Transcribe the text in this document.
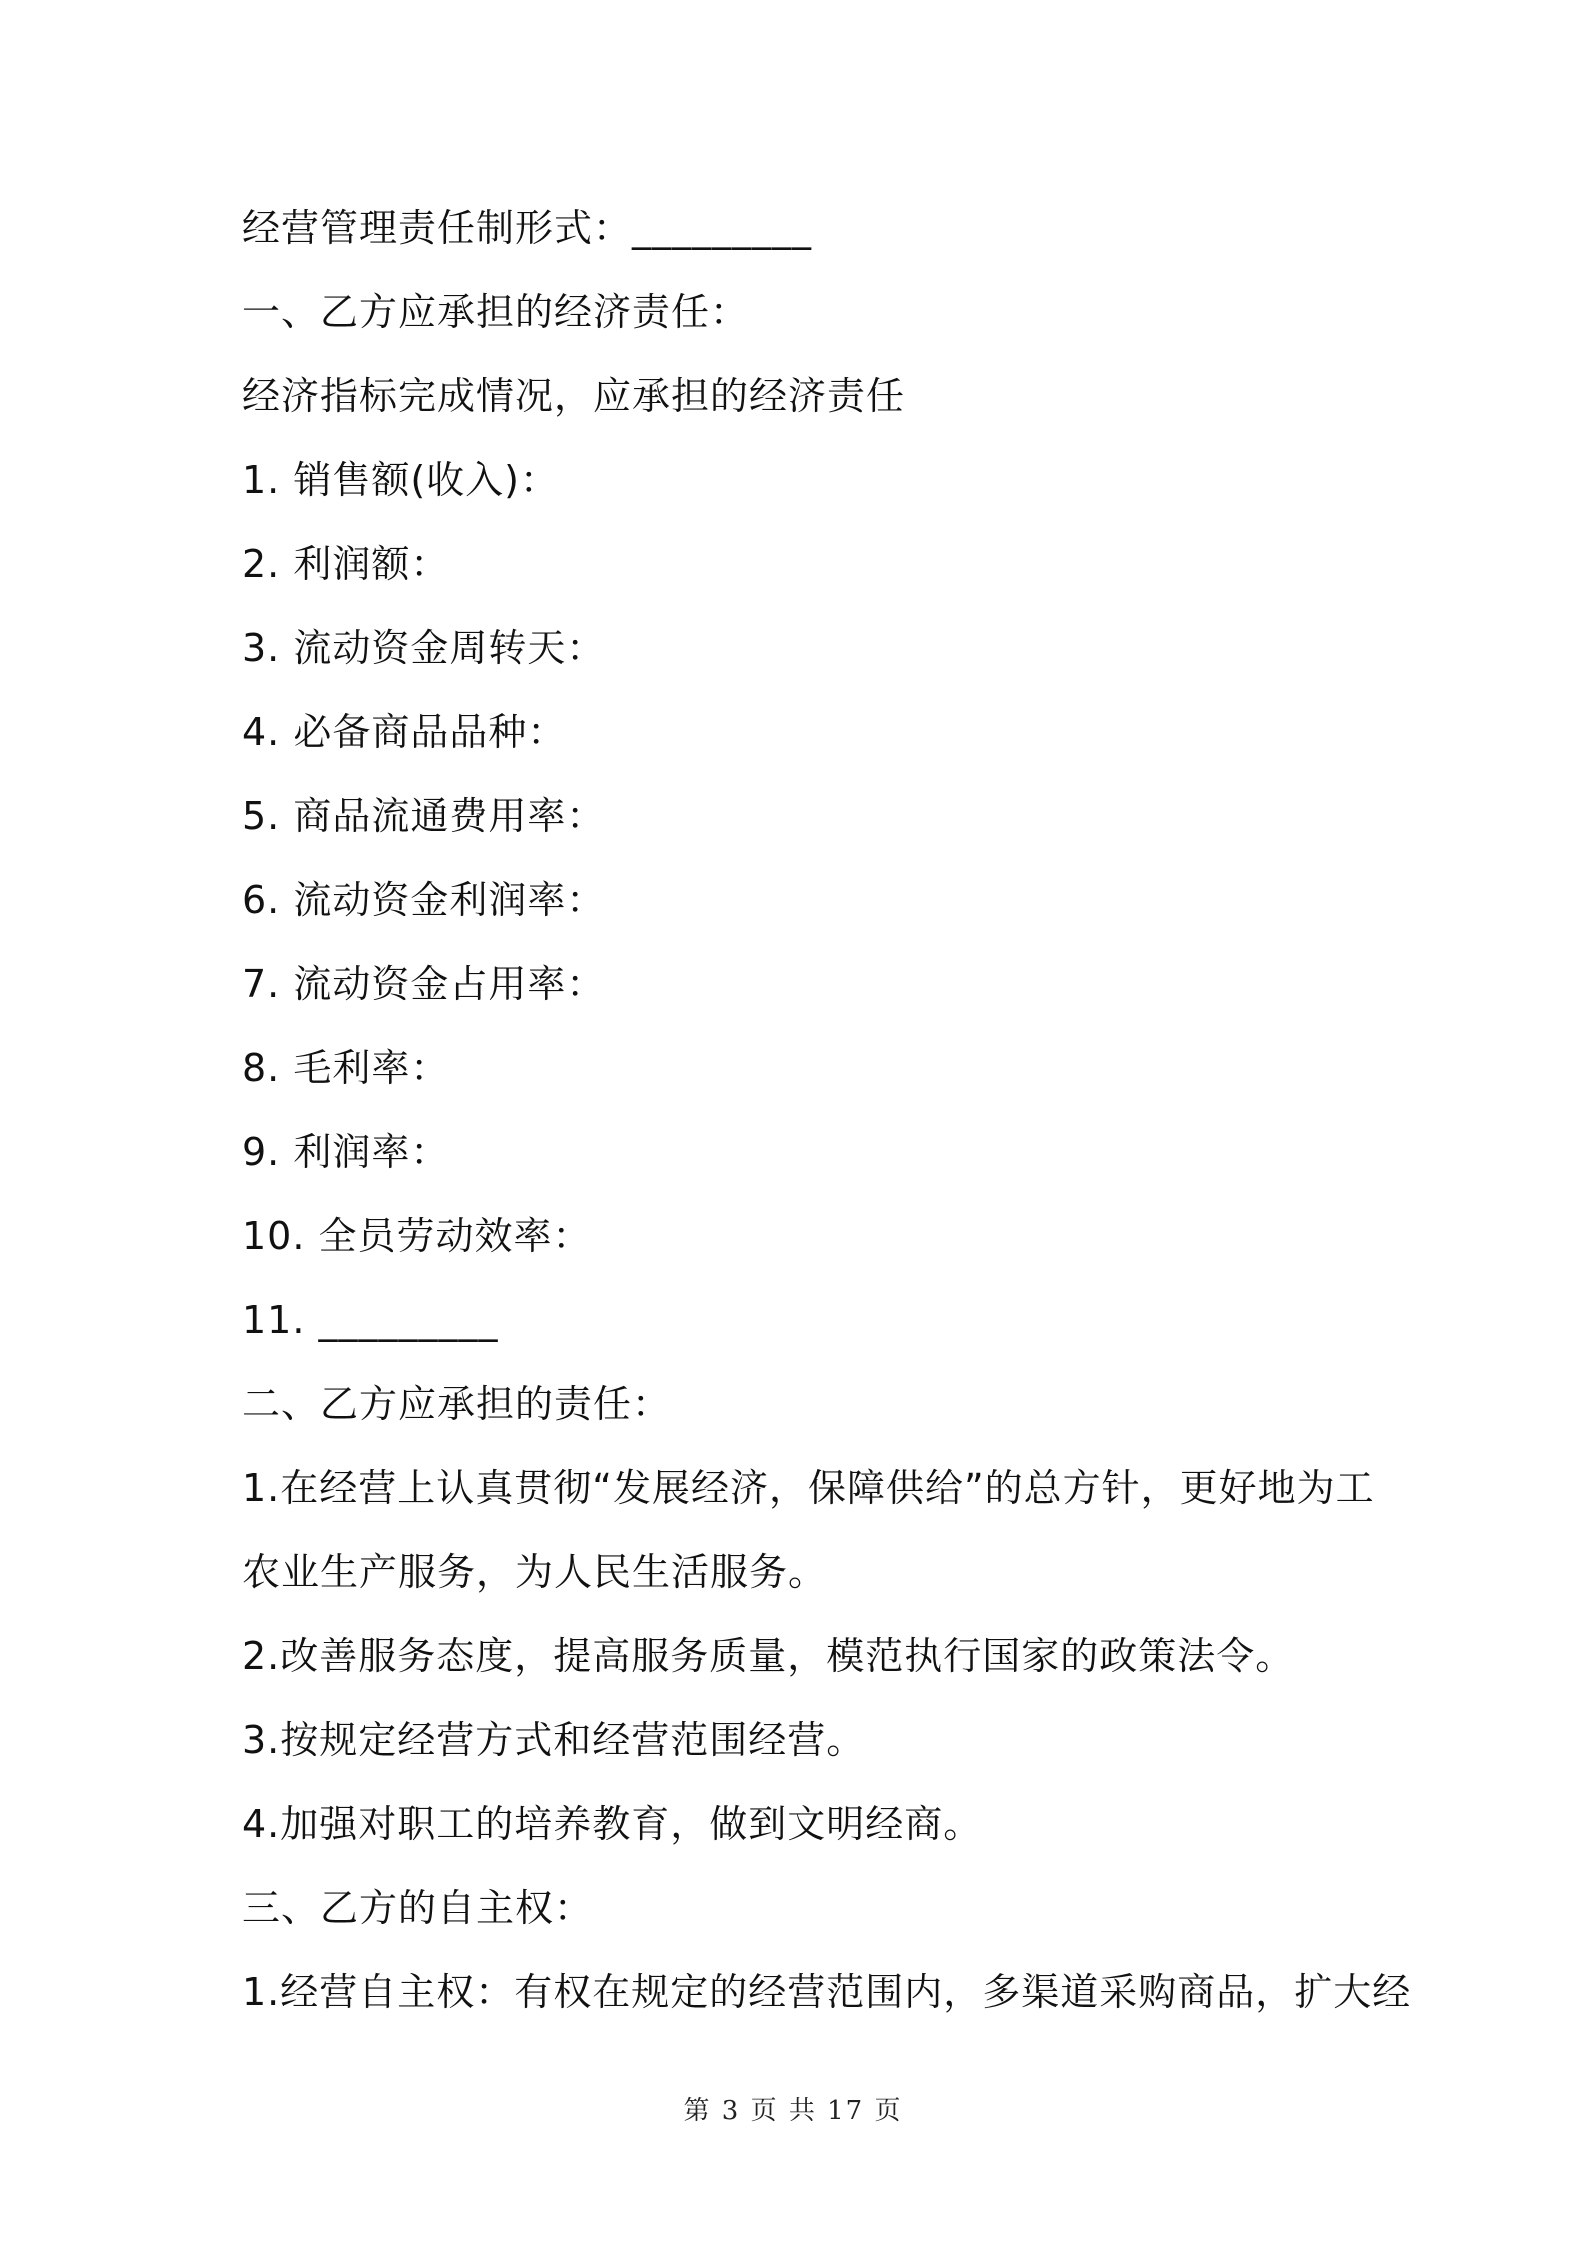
经营管理责任制形式：_________
一、乙方应承担的经济责任：
经济指标完成情况，应承担的经济责任
1. 销售额(收入)：
2. 利润额：
3. 流动资金周转天：
4. 必备商品品种：
5. 商品流通费用率：
6. 流动资金利润率：
7. 流动资金占用率：
8. 毛利率：
9. 利润率：
10. 全员劳动效率：
11. _________
二、乙方应承担的责任：
1.在经营上认真贯彻“发展经济，保障供给”的总方针，更好地为工
农业生产服务，为人民生活服务。
2.改善服务态度，提高服务质量，模范执行国家的政策法令。
3.按规定经营方式和经营范围经营。
4.加强对职工的培养教育，做到文明经商。
三、乙方的自主权：
1.经营自主权：有权在规定的经营范围内，多渠道采购商品，扩大经
第 3 页 共 17 页
